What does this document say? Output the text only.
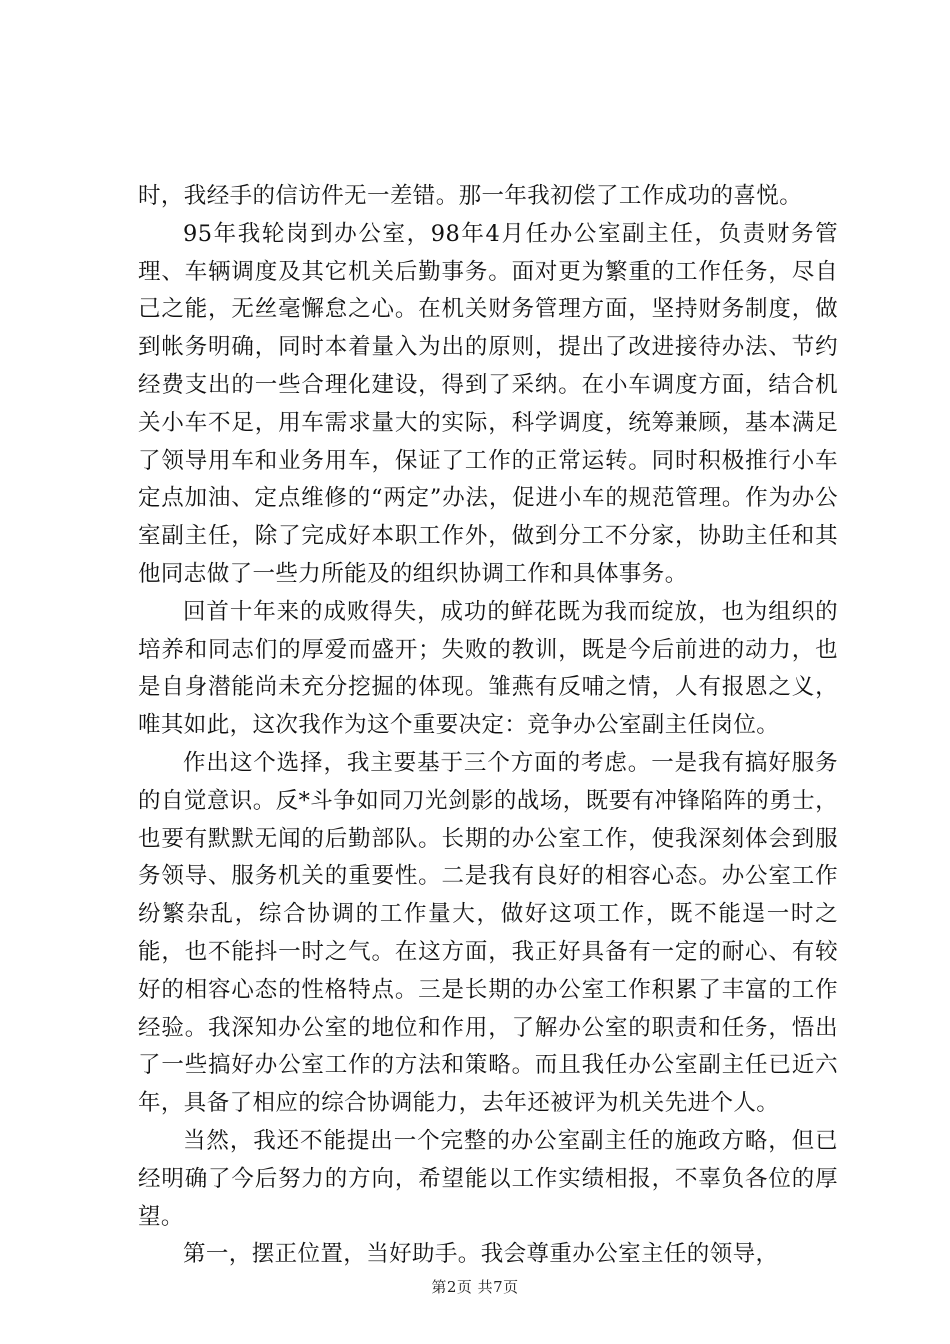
时，我经手的信访件无一差错。那一年我初偿了工作成功的喜悦。

95年我轮岗到办公室，98年4月任办公室副主任，负责财务管理、车辆调度及其它机关后勤事务。面对更为繁重的工作任务，尽自己之能，无丝毫懈怠之心。在机关财务管理方面，坚持财务制度，做到帐务明确，同时本着量入为出的原则，提出了改进接待办法、节约经费支出的一些合理化建设，得到了采纳。在小车调度方面，结合机关小车不足，用车需求量大的实际，科学调度，统筹兼顾，基本满足了领导用车和业务用车，保证了工作的正常运转。同时积极推行小车定点加油、定点维修的“两定”办法，促进小车的规范管理。作为办公室副主任，除了完成好本职工作外，做到分工不分家，协助主任和其他同志做了一些力所能及的组织协调工作和具体事务。

回首十年来的成败得失，成功的鲜花既为我而绽放，也为组织的培养和同志们的厚爱而盛开；失败的教训，既是今后前进的动力，也是自身潜能尚未充分挖掘的体现。雏燕有反哺之情，人有报恩之义，唯其如此，这次我作为这个重要决定：竞争办公室副主任岗位。

作出这个选择，我主要基于三个方面的考虑。一是我有搞好服务的自觉意识。反*斗争如同刀光剑影的战场，既要有冲锋陷阵的勇士，也要有默默无闻的后勤部队。长期的办公室工作，使我深刻体会到服务领导、服务机关的重要性。二是我有良好的相容心态。办公室工作纷繁杂乱，综合协调的工作量大，做好这项工作，既不能逞一时之能，也不能抖一时之气。在这方面，我正好具备有一定的耐心、有较好的相容心态的性格特点。三是长期的办公室工作积累了丰富的工作经验。我深知办公室的地位和作用，了解办公室的职责和任务，悟出了一些搞好办公室工作的方法和策略。而且我任办公室副主任已近六年，具备了相应的综合协调能力，去年还被评为机关先进个人。

当然，我还不能提出一个完整的办公室副主任的施政方略，但已经明确了今后努力的方向，希望能以工作实绩相报，不辜负各位的厚望。

第一，摆正位置，当好助手。我会尊重办公室主任的领导，

第2页 共7页
